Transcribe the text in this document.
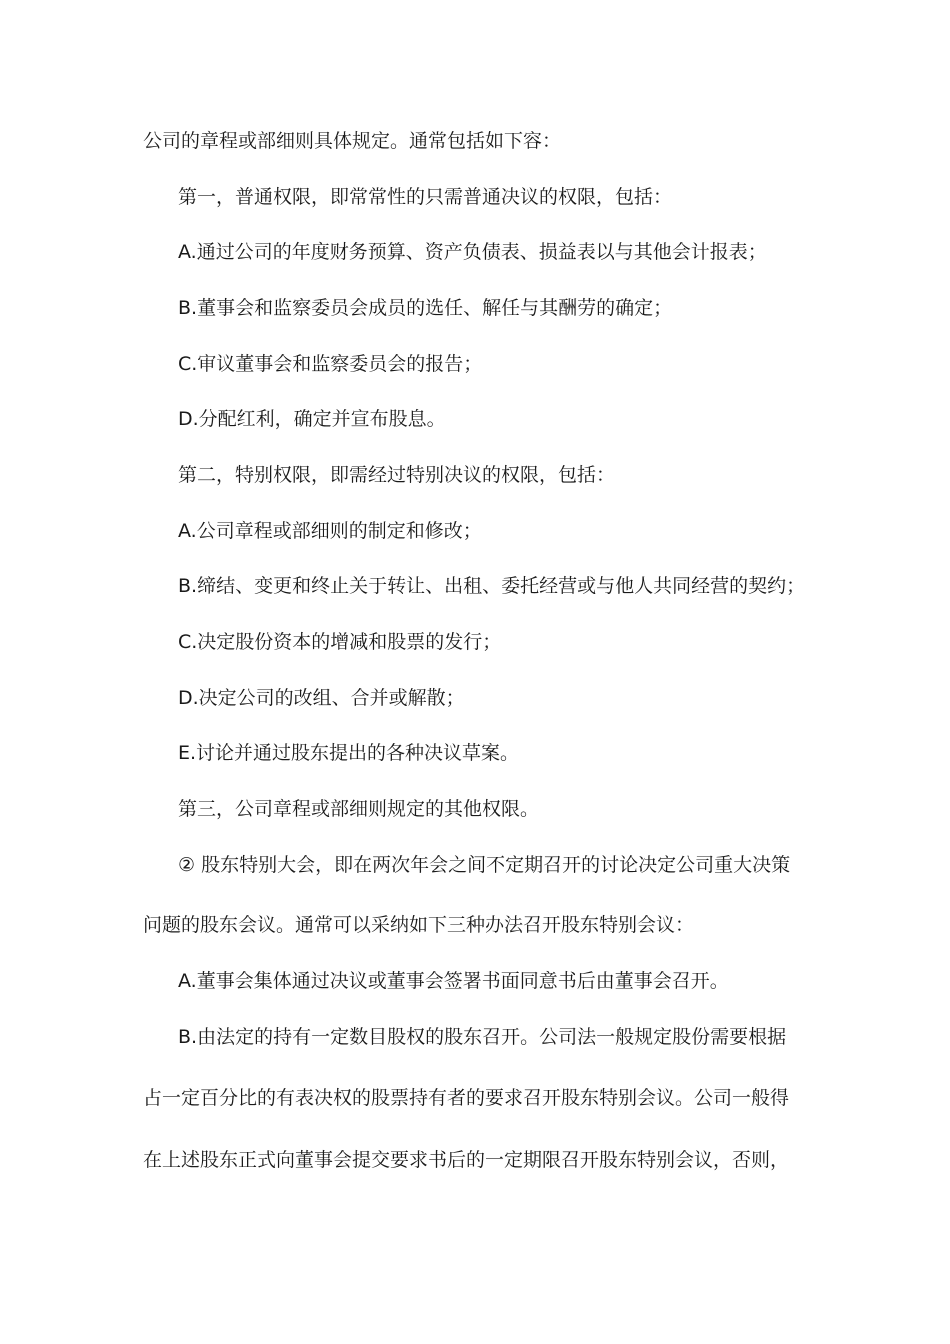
公司的章程或部细则具体规定。通常包括如下容：
第一，普通权限，即常常性的只需普通决议的权限，包括：
A.通过公司的年度财务预算、资产负债表、损益表以与其他会计报表；
B.董事会和监察委员会成员的选任、解任与其酬劳的确定；
C.审议董事会和监察委员会的报告；
D.分配红利，确定并宣布股息。
第二，特别权限，即需经过特别决议的权限，包括：
A.公司章程或部细则的制定和修改；
B.缔结、变更和终止关于转让、出租、委托经营或与他人共同经营的契约；
C.决定股份资本的增减和股票的发行；
D.决定公司的改组、合并或解散；
E.讨论并通过股东提出的各种决议草案。
第三，公司章程或部细则规定的其他权限。
② 股东特别大会，即在两次年会之间不定期召开的讨论决定公司重大决策
问题的股东会议。通常可以采纳如下三种办法召开股东特别会议：
A.董事会集体通过决议或董事会签署书面同意书后由董事会召开。
B.由法定的持有一定数目股权的股东召开。公司法一般规定股份需要根据
占一定百分比的有表决权的股票持有者的要求召开股东特别会议。公司一般得
在上述股东正式向董事会提交要求书后的一定期限召开股东特别会议，否则，
